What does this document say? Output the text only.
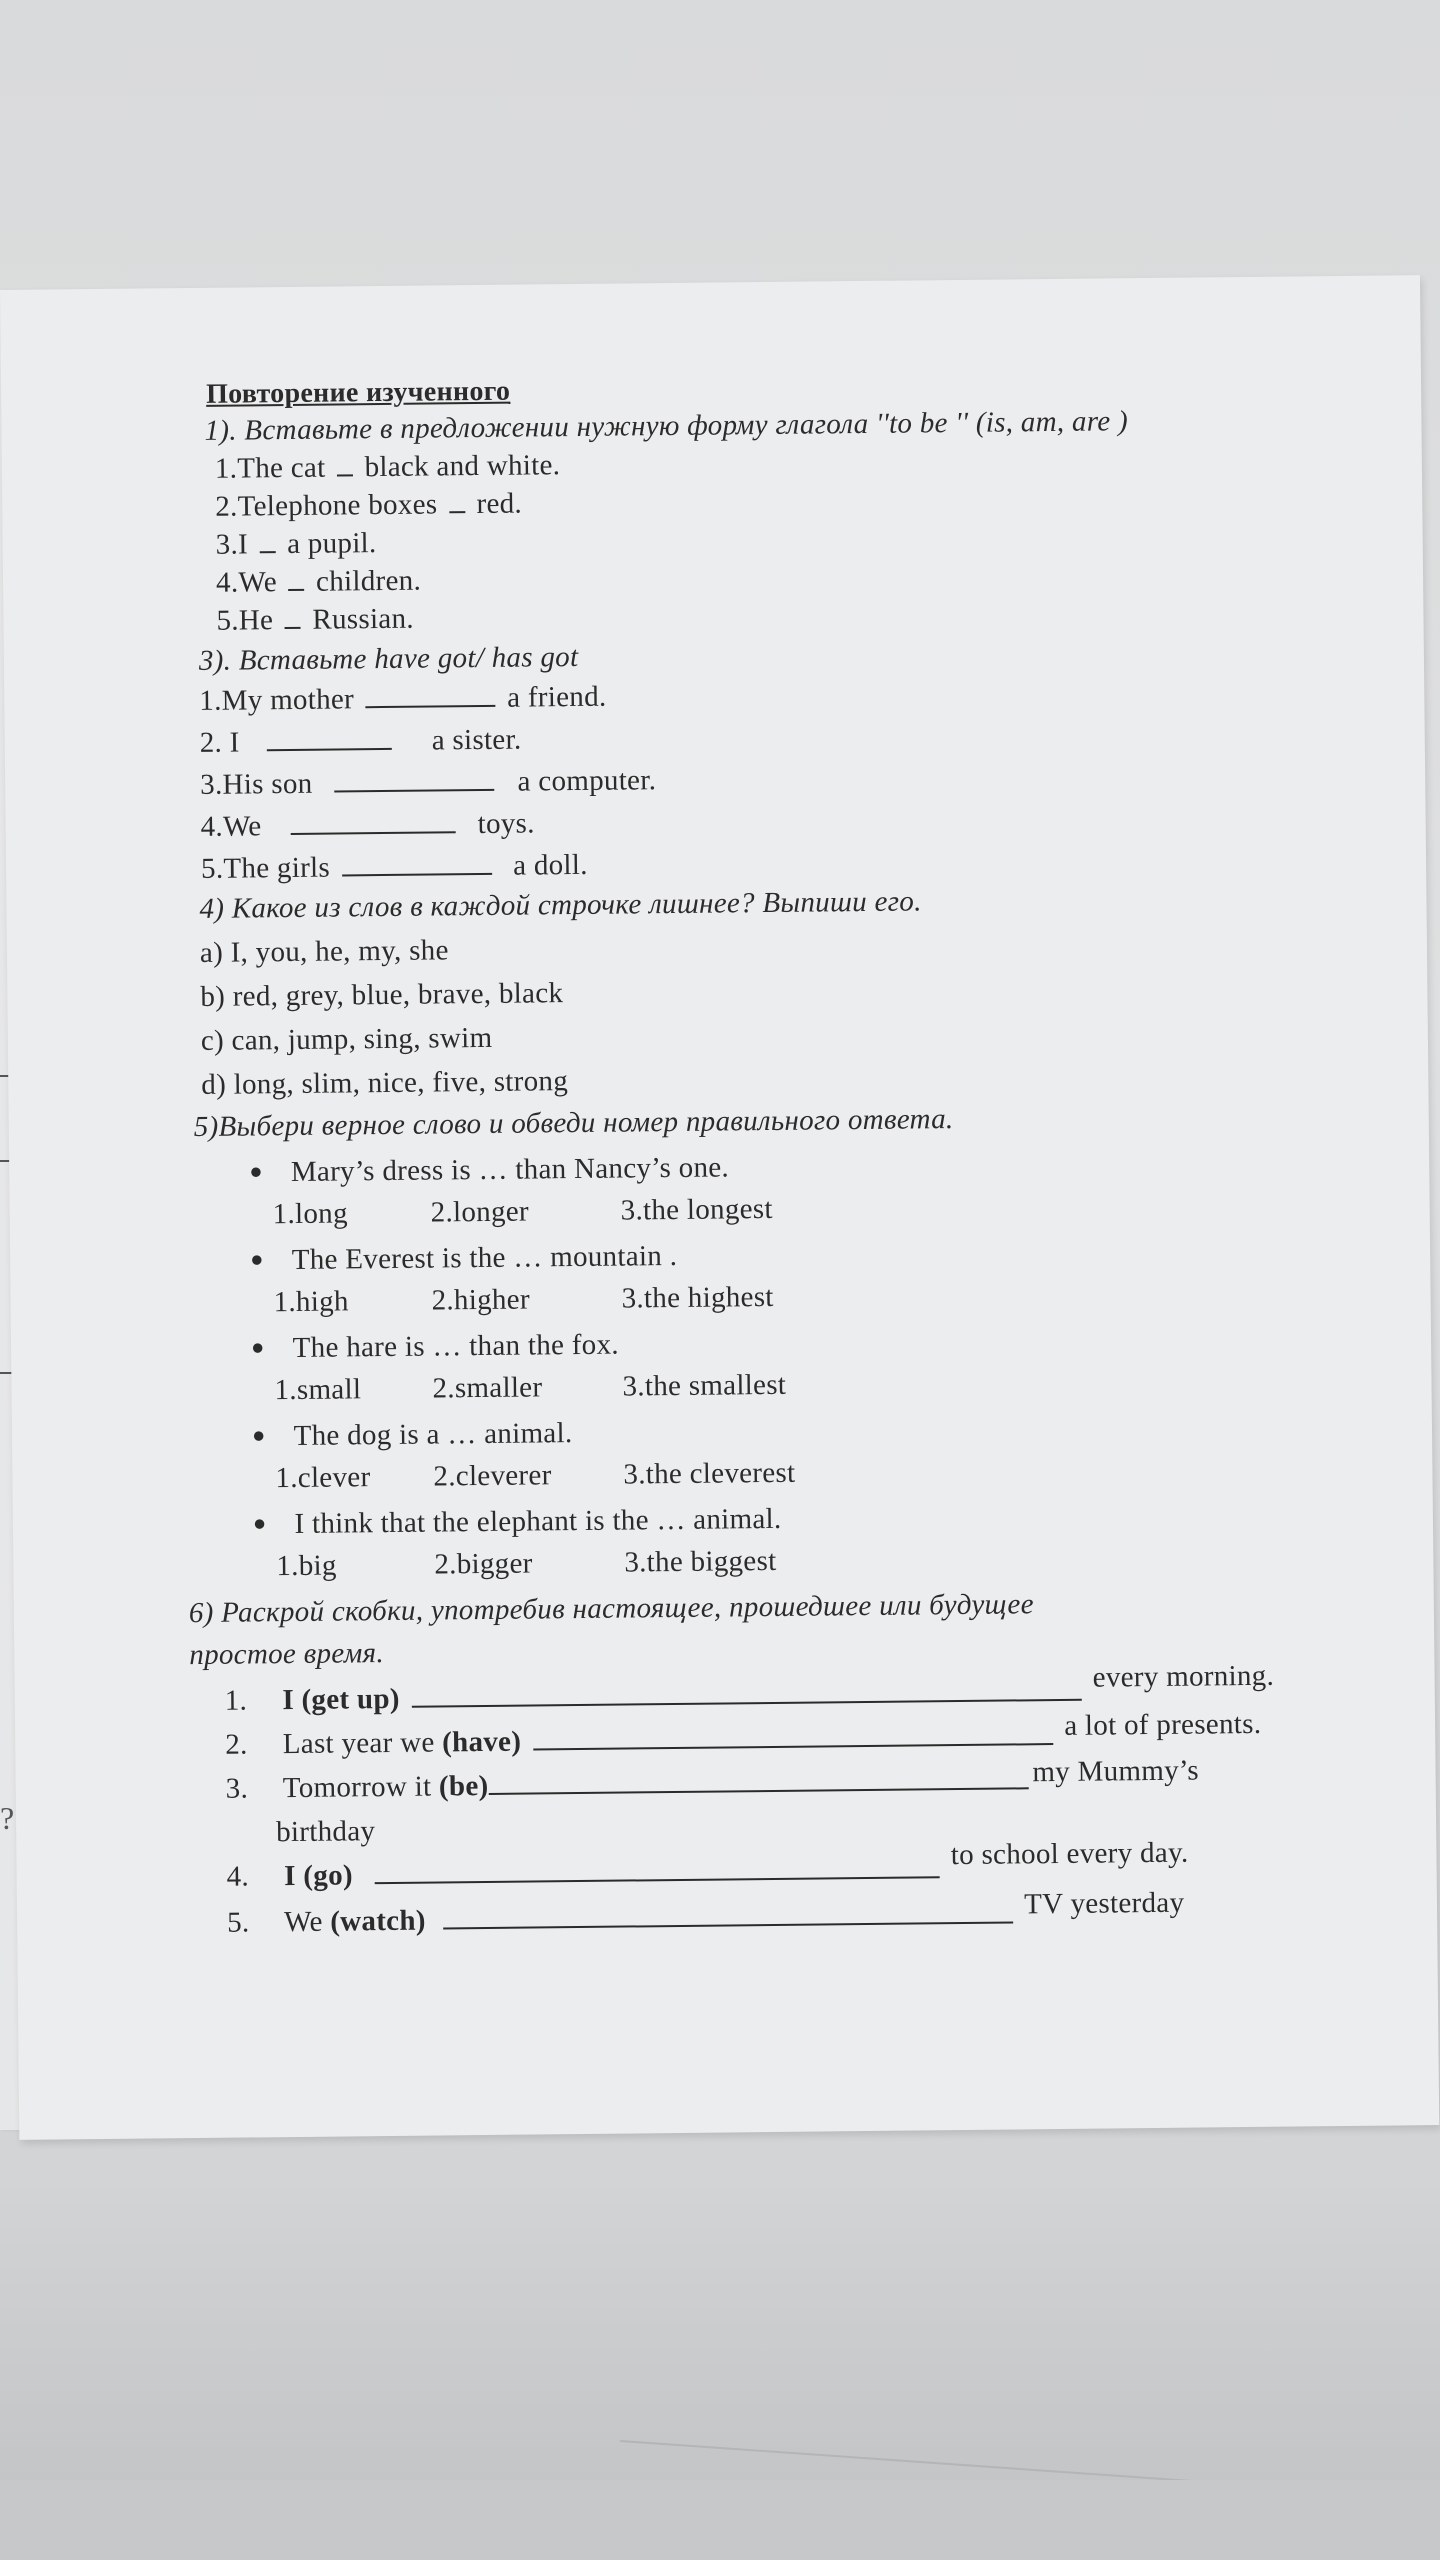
?
Повторение изученного
1). Вставьте в предложении нужную форму глагола ''to be '' (is, am, are )
1.The cat black and white.
2.Telephone boxes red.
3.I a pupil.
4.We children.
5.He Russian.
3). Вставьте have got/ has got
1.My mother	a friend.
2. I	a sister.
3.His son	a computer.
4.We	toys.
5.The girls	a doll.
4) Какое из слов в каждой строчке лишнее? Выпиши его.
a) I, you, he, my, she
b) red, grey, blue, brave, black
c) can, jump, sing, swim
d) long, slim, nice, five, strong
5)Выбери верное слово и обведи номер правильного ответа.
● Mary’s dress is … than Nancy’s one.
1.long	2.longer	3.the longest
● The Everest is the … mountain .
1.high	2.higher	3.the highest
● The hare is … than the fox.
1.small 2.smaller	3.the smallest
● The dog is a … animal.
1.clever 2.cleverer 3.the cleverest
● I think that the elephant is the … animal.
1.big	2.bigger	3.the biggest
6) Раскрой скобки, употребив настоящее, прошедшее или будущее
простое время.
1. I (get up)  every morning.
2. Last year we (have)  a lot of presents.
3. Tomorrow it (be)	my Mummy’s
birthday
4. I (go)  to school every day.
5. We (watch)  TV yesterday
